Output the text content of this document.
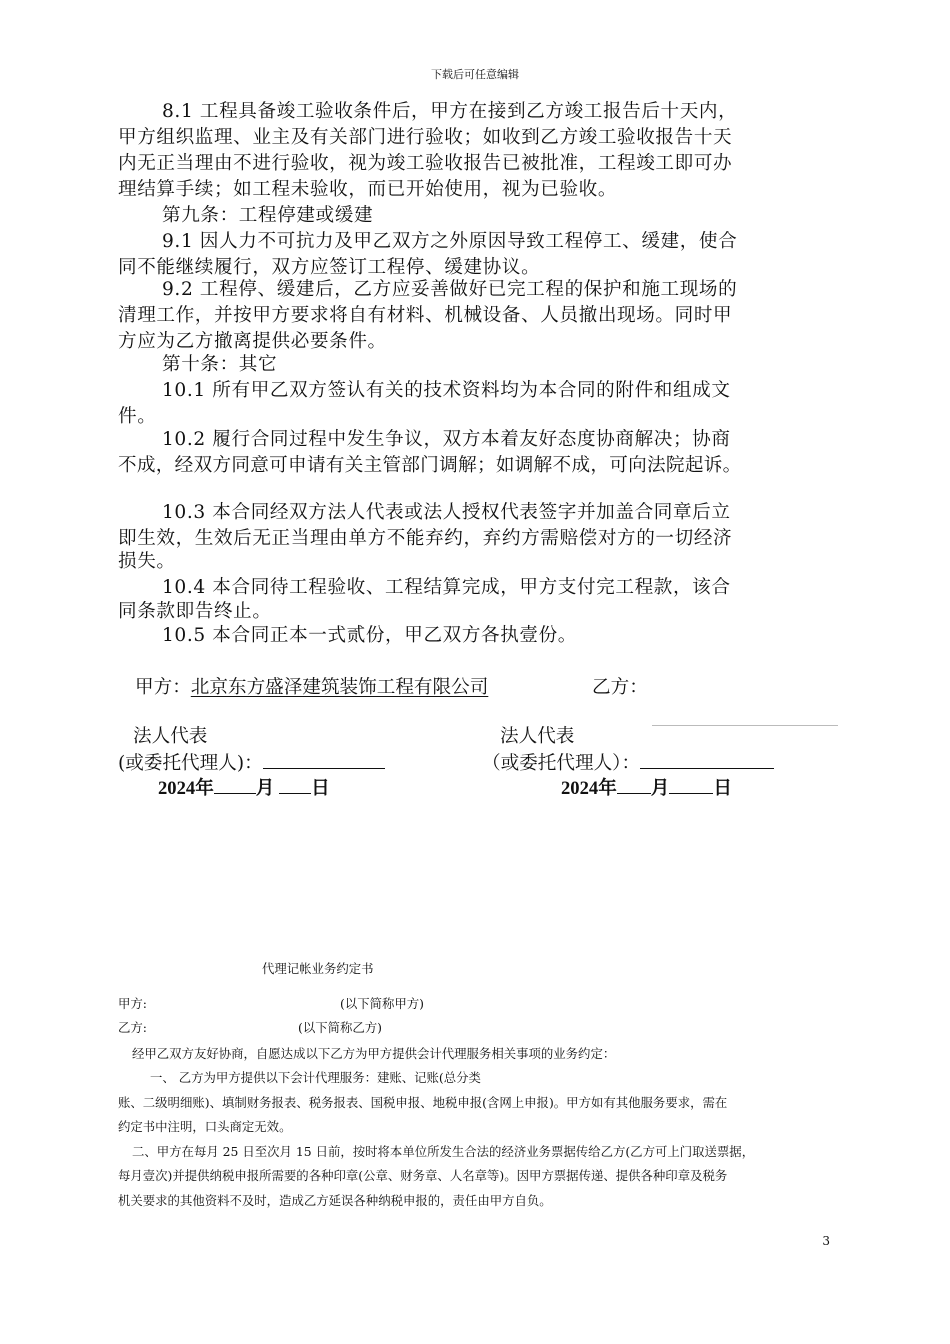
下载后可任意编辑
8.1 工程具备竣工验收条件后，甲方在接到乙方竣工报告后十天内，
甲方组织监理、业主及有关部门进行验收；如收到乙方竣工验收报告十天
内无正当理由不进行验收，视为竣工验收报告已被批准，工程竣工即可办
理结算手续；如工程未验收，而已开始使用，视为已验收。
第九条：工程停建或缓建
9.1 因人力不可抗力及甲乙双方之外原因导致工程停工、缓建，使合
同不能继续履行，双方应签订工程停、缓建协议。
9.2 工程停、缓建后，乙方应妥善做好已完工程的保护和施工现场的
清理工作，并按甲方要求将自有材料、机械设备、人员撤出现场。同时甲
方应为乙方撤离提供必要条件。
第十条：其它
10.1 所有甲乙双方签认有关的技术资料均为本合同的附件和组成文
件。
10.2 履行合同过程中发生争议，双方本着友好态度协商解决；协商
不成，经双方同意可申请有关主管部门调解；如调解不成，可向法院起诉。
10.3 本合同经双方法人代表或法人授权代表签字并加盖合同章后立
即生效，生效后无正当理由单方不能弃约，弃约方需赔偿对方的一切经济
损失。
10.4 本合同待工程验收、工程结算完成，甲方支付完工程款，该合
同条款即告终止。
10.5 本合同正本一式贰份，甲乙双方各执壹份。
甲方：北京东方盛泽建筑装饰工程有限公司	乙方：
法人代表	法人代表
(或委托代理人)：	（或委托代理人）：
2024年 月 日	2024年 月 日
代理记帐业务约定书
甲方:	(以下简称甲方)
乙方:	(以下简称乙方)
经甲乙双方友好协商，自愿达成以下乙方为甲方提供会计代理服务相关事项的业务约定：
一、 乙方为甲方提供以下会计代理服务：建账、记账(总分类
账、二级明细账)、填制财务报表、税务报表、国税申报、地税申报(含网上申报)。甲方如有其他服务要求，需在
约定书中注明，口头商定无效。
二、甲方在每月 25 日至次月 15 日前，按时将本单位所发生合法的经济业务票据传给乙方(乙方可上门取送票据，
每月壹次)并提供纳税申报所需要的各种印章(公章、财务章、人名章等)。因甲方票据传递、提供各种印章及税务
机关要求的其他资料不及时，造成乙方延误各种纳税申报的，责任由甲方自负。
3
